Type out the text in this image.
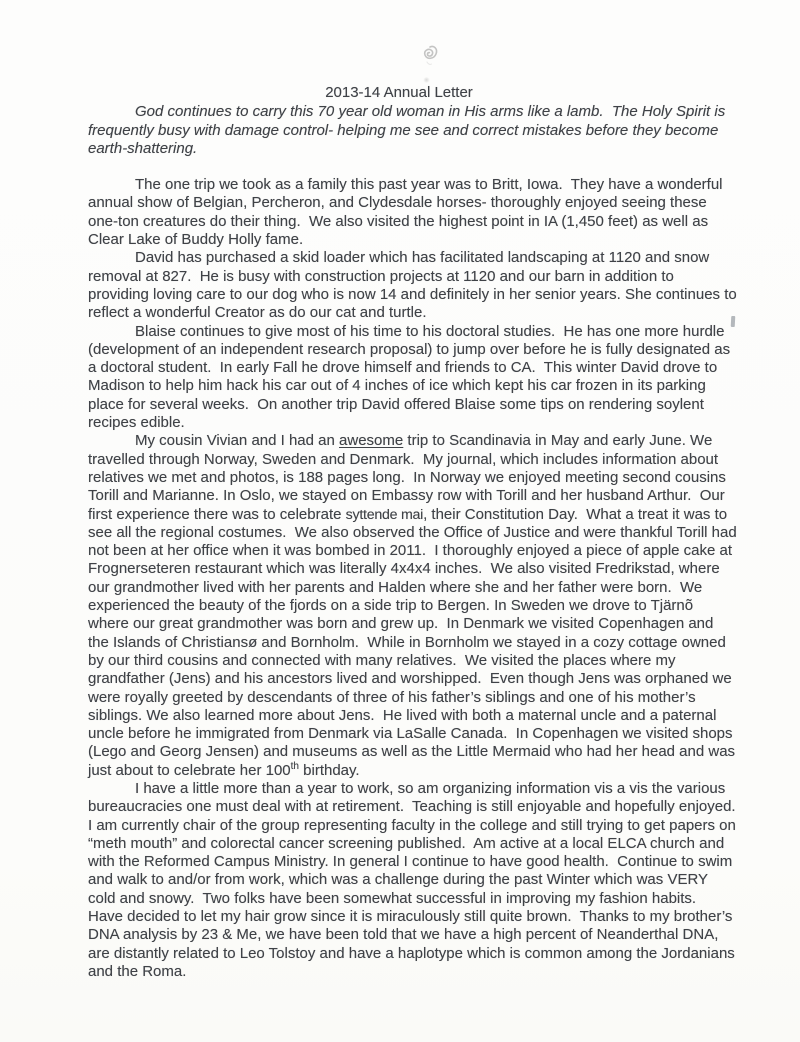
2013-14 Annual Letter

God continues to carry this 70 year old woman in His arms like a lamb.  The Holy Spirit is frequently busy with damage control- helping me see and correct mistakes before they become earth-shattering.

The one trip we took as a family this past year was to Britt, Iowa.  They have a wonderful annual show of Belgian, Percheron, and Clydesdale horses- thoroughly enjoyed seeing these one-ton creatures do their thing.  We also visited the highest point in IA (1,450 feet) as well as Clear Lake of Buddy Holly fame.

David has purchased a skid loader which has facilitated landscaping at 1120 and snow removal at 827.  He is busy with construction projects at 1120 and our barn in addition to providing loving care to our dog who is now 14 and definitely in her senior years. She continues to reflect a wonderful Creator as do our cat and turtle.

Blaise continues to give most of his time to his doctoral studies.  He has one more hurdle (development of an independent research proposal) to jump over before he is fully designated as a doctoral student.  In early Fall he drove himself and friends to CA.  This winter David drove to Madison to help him hack his car out of 4 inches of ice which kept his car frozen in its parking place for several weeks.  On another trip David offered Blaise some tips on rendering soylent recipes edible.

My cousin Vivian and I had an awesome trip to Scandinavia in May and early June. We travelled through Norway, Sweden and Denmark.  My journal, which includes information about relatives we met and photos, is 188 pages long.  In Norway we enjoyed meeting second cousins Torill and Marianne. In Oslo, we stayed on Embassy row with Torill and her husband Arthur.  Our first experience there was to celebrate syttende mai, their Constitution Day.  What a treat it was to see all the regional costumes.  We also observed the Office of Justice and were thankful Torill had not been at her office when it was bombed in 2011.  I thoroughly enjoyed a piece of apple cake at Frognerseteren restaurant which was literally 4x4x4 inches.  We also visited Fredrikstad, where our grandmother lived with her parents and Halden where she and her father were born.  We experienced the beauty of the fjords on a side trip to Bergen. In Sweden we drove to Tjärnõ where our great grandmother was born and grew up.  In Denmark we visited Copenhagen and the Islands of Christiansø and Bornholm.  While in Bornholm we stayed in a cozy cottage owned by our third cousins and connected with many relatives.  We visited the places where my grandfather (Jens) and his ancestors lived and worshipped.  Even though Jens was orphaned we were royally greeted by descendants of three of his father’s siblings and one of his mother’s siblings. We also learned more about Jens.  He lived with both a maternal uncle and a paternal uncle before he immigrated from Denmark via LaSalle Canada.  In Copenhagen we visited shops (Lego and Georg Jensen) and museums as well as the Little Mermaid who had her head and was just about to celebrate her 100th birthday.

I have a little more than a year to work, so am organizing information vis a vis the various bureaucracies one must deal with at retirement.  Teaching is still enjoyable and hopefully enjoyed.  I am currently chair of the group representing faculty in the college and still trying to get papers on “meth mouth” and colorectal cancer screening published.  Am active at a local ELCA church and with the Reformed Campus Ministry. In general I continue to have good health.  Continue to swim and walk to and/or from work, which was a challenge during the past Winter which was VERY cold and snowy.  Two folks have been somewhat successful in improving my fashion habits.  Have decided to let my hair grow since it is miraculously still quite brown.  Thanks to my brother’s DNA analysis by 23 & Me, we have been told that we have a high percent of Neanderthal DNA, are distantly related to Leo Tolstoy and have a haplotype which is common among the Jordanians and the Roma.
